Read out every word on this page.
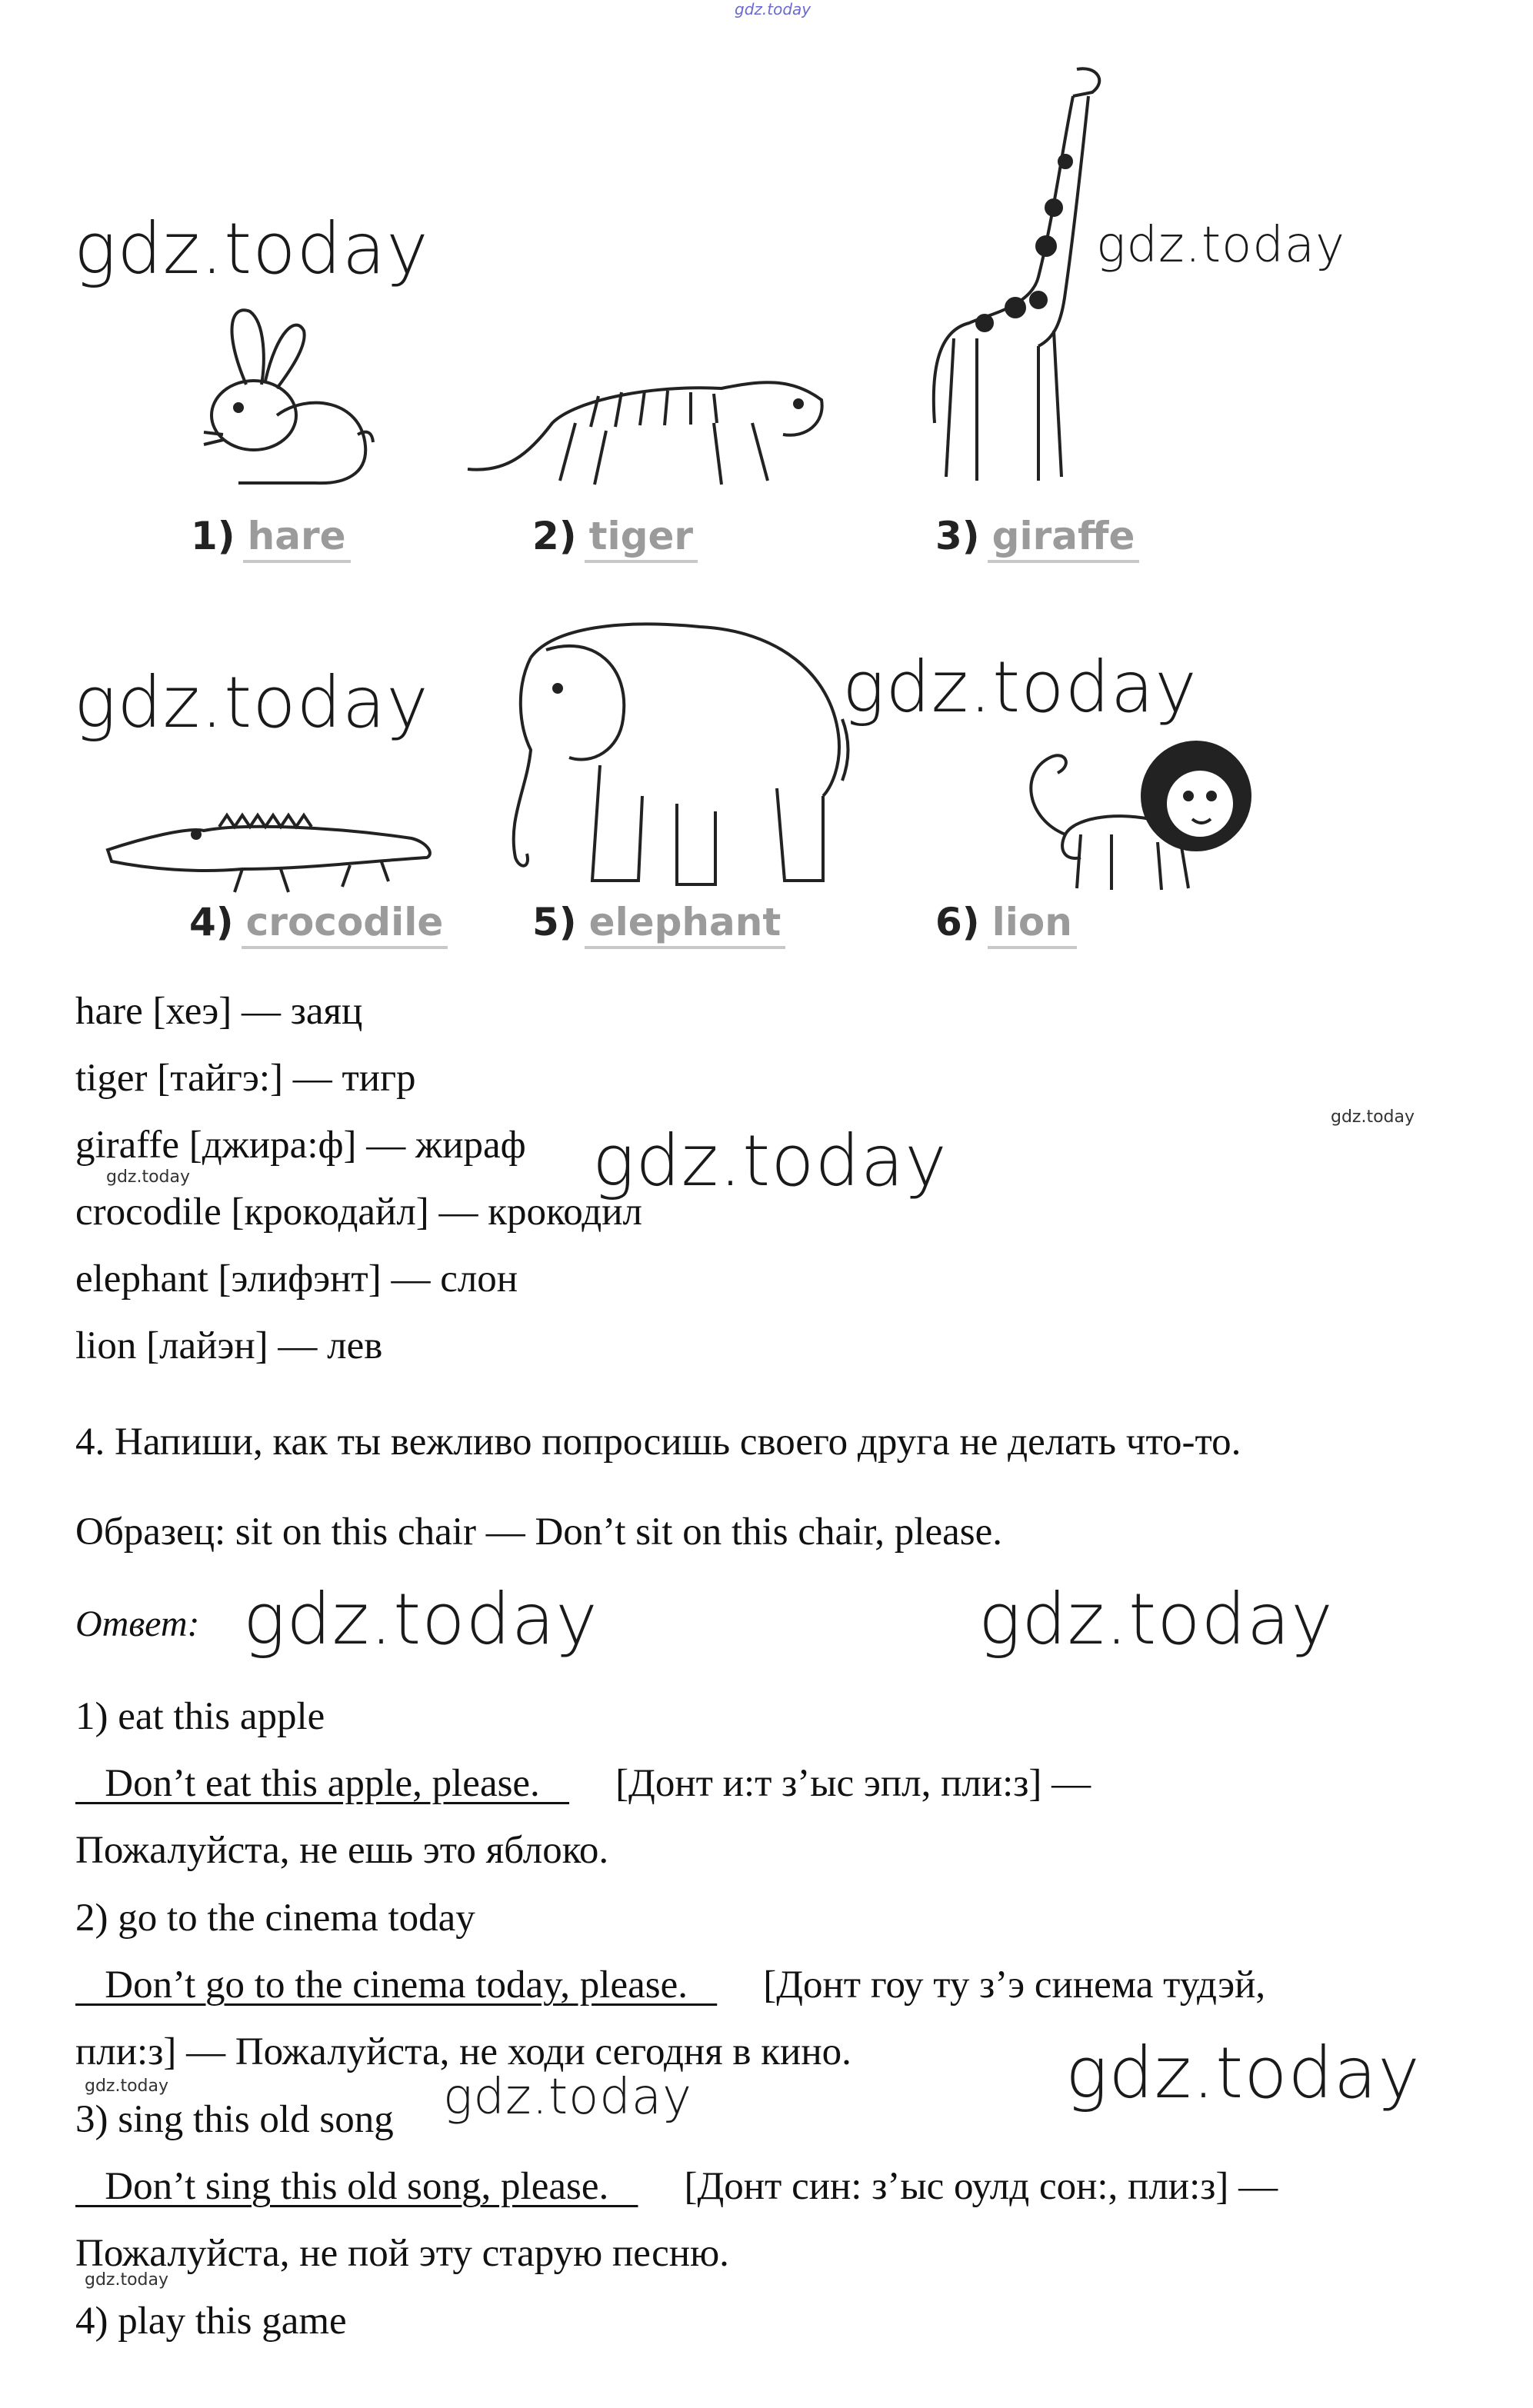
gdz.today
gdz.today	gdz.today
gdz.today	gdz.today
gdz.today
gdz.today
gdz.today
gdz.today	gdz.today
gdz.today	gdz.today	gdz.today
gdz.today
1) hare	2) tiger	3) giraffe
4) crocodile 5) elephant	6) lion
hare [хеэ] — заяц
tiger [тайгэ:] — тигр
giraffe [джира:ф] — жираф
crocodile [крокодайл] — крокодил
elephant [элифэнт] — слон
lion [лайэн] — лев
4. Напиши, как ты вежливо попросишь своего друга не делать что-то.
Образец: sit on this chair — Don’t sit on this chair, please.
Ответ:
1) eat this apple
Don’t eat this apple, please.   [Донт и:т з’ыс эпл, пли:з] —
Пожалуйста, не ешь это яблоко.
2) go to the cinema today
Don’t go to the cinema today, please.   [Донт гоу ту з’э синема тудэй,
пли:з] — Пожалуйста, не ходи сегодня в кино.
3) sing this old song
Don’t sing this old song, please.   [Донт син: з’ыс оулд сон:, пли:з] —
Пожалуйста, не пой эту старую песню.
4) play this game
